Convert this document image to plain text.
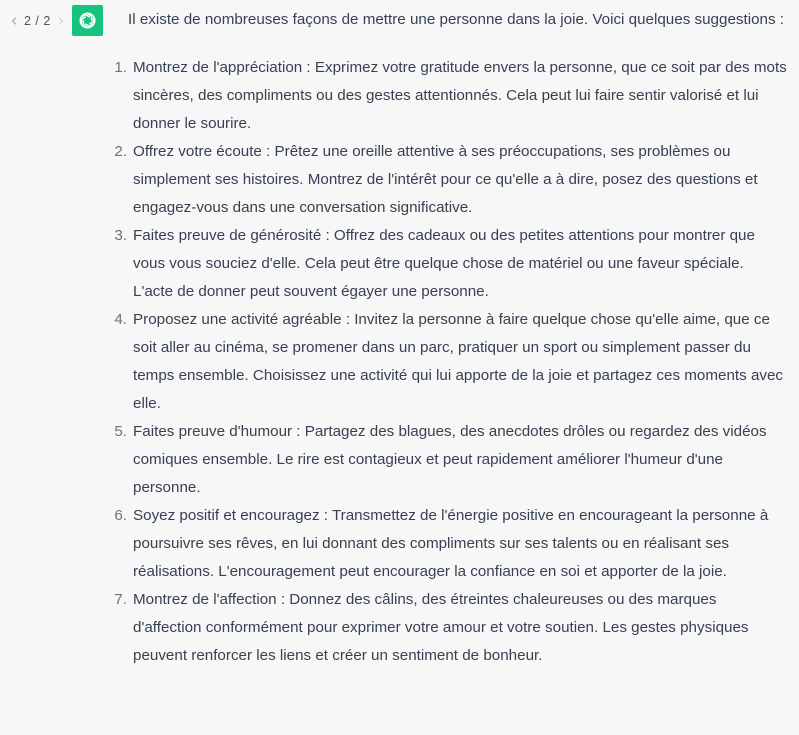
2 / 2	Il existe de nombreuses façons de mettre une personne dans la joie. Voici quelques suggestions :

1. Montrez de l'appréciation : Exprimez votre gratitude envers la personne, que ce soit par des mots sincères, des compliments ou des gestes attentionnés. Cela peut lui faire sentir valorisé et lui donner le sourire.
2. Offrez votre écoute : Prêtez une oreille attentive à ses préoccupations, ses problèmes ou simplement ses histoires. Montrez de l'intérêt pour ce qu'elle a à dire, posez des questions et engagez-vous dans une conversation significative.
3. Faites preuve de générosité : Offrez des cadeaux ou des petites attentions pour montrer que vous vous souciez d'elle. Cela peut être quelque chose de matériel ou une faveur spéciale. L'acte de donner peut souvent égayer une personne.
4. Proposez une activité agréable : Invitez la personne à faire quelque chose qu'elle aime, que ce soit aller au cinéma, se promener dans un parc, pratiquer un sport ou simplement passer du temps ensemble. Choisissez une activité qui lui apporte de la joie et partagez ces moments avec elle.
5. Faites preuve d'humour : Partagez des blagues, des anecdotes drôles ou regardez des vidéos comiques ensemble. Le rire est contagieux et peut rapidement améliorer l'humeur d'une personne.
6. Soyez positif et encouragez : Transmettez de l'énergie positive en encourageant la personne à poursuivre ses rêves, en lui donnant des compliments sur ses talents ou en réalisant ses réalisations. L'encouragement peut encourager la confiance en soi et apporter de la joie.
7. Montrez de l'affection : Donnez des câlins, des étreintes chaleureuses ou des marques d'affection conformément pour exprimer votre amour et votre soutien. Les gestes physiques peuvent renforcer les liens et créer un sentiment de bonheur.
